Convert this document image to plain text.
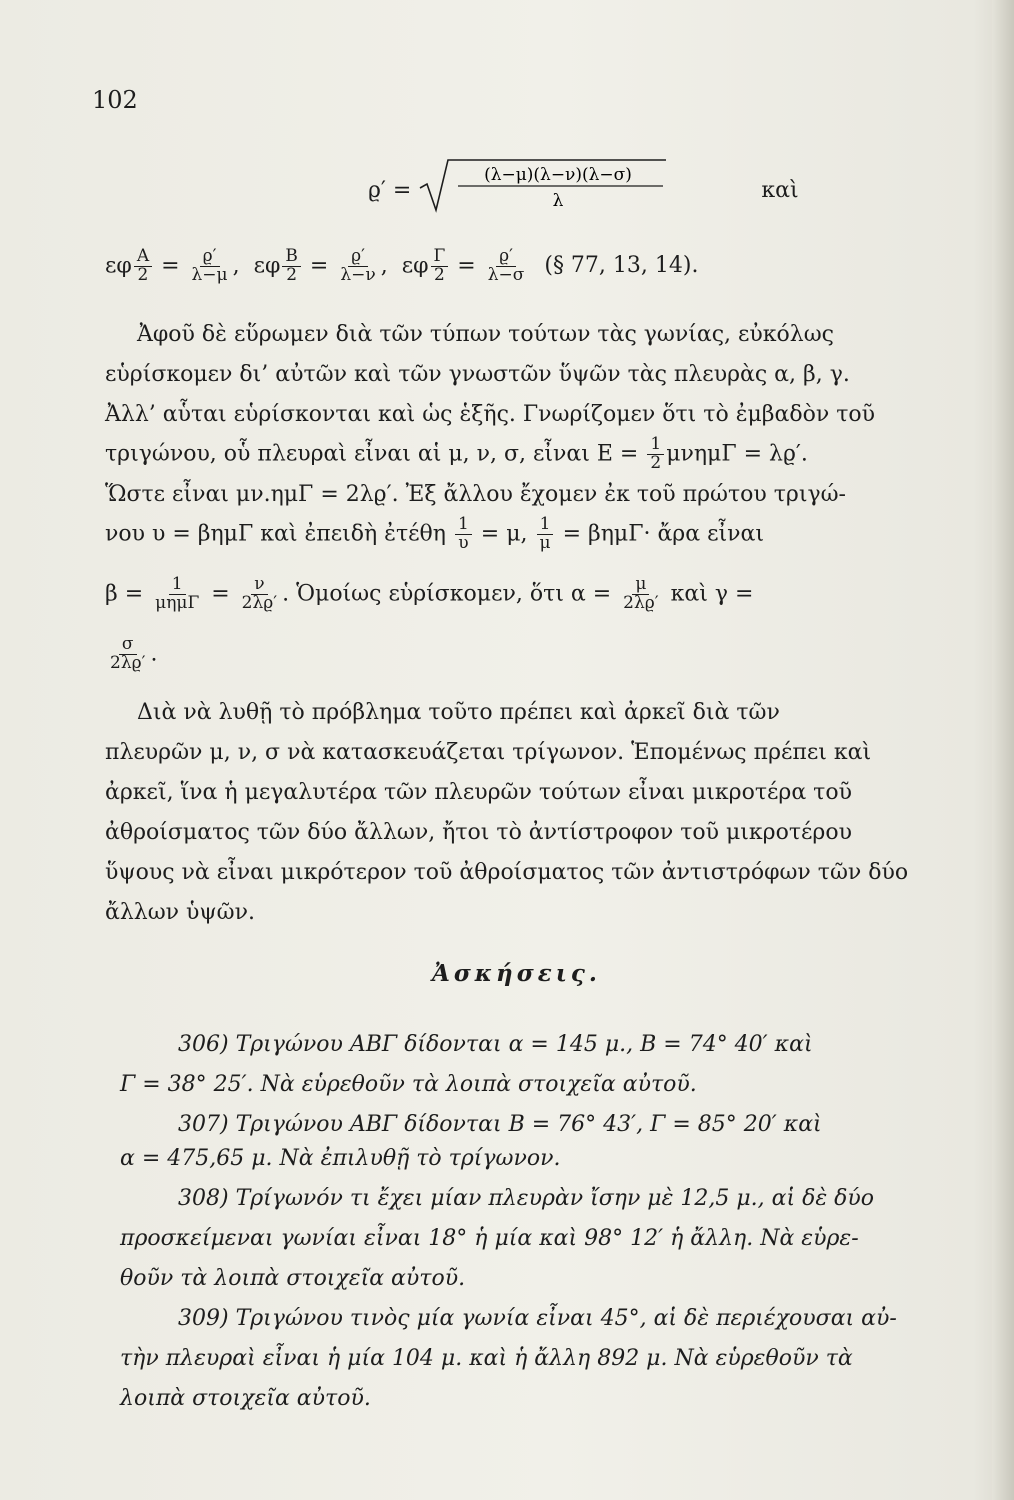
102
ϱ′ =
(λ−μ)(λ−ν)(λ−σ)
λ	καὶ
εφ $\frac{A}{2} = \frac{ϱ'}{\lambda-\mu}$ ,  εφ $\frac{B}{2} = \frac{ϱ'}{\lambda-\nu}$ ,  εφ $\frac{\Gamma}{2} = \frac{ϱ'}{\lambda-\sigma}$ (§ 77, 13, 14).
Ἀφοῦ δὲ εὕρωμεν διὰ τῶν τύπων τούτων τὰς γωνίας, εὐκόλως
εὑρίσκομεν δι’ αὐτῶν καὶ τῶν γνωστῶν ὕψῶν τὰς πλευρὰς α, β, γ.
Ἀλλ’ αὗται εὑρίσκονται καὶ ὡς ἑξῆς. Γνωρίζομεν ὅτι τὸ ἐμβαδὸν τοῦ
τριγώνου, οὗ πλευραὶ εἶναι αἱ μ, ν, σ, εἶναι $E = \frac{1}{2}$ μνημΓ = λϱ′.
Ὥστε εἶναι μν.ημΓ = 2λϱ′. Ἐξ ἄλλου ἔχομεν ἐκ τοῦ πρώτου τριγώ-
νου υ = βημΓ καὶ ἐπειδὴ ἐτέθη $\frac{1}{\upsilon} = \mu$, $\frac{1}{\mu} = \beta\eta\mu\Gamma\cdot$ ἄρα εἶναι
$\beta = \frac{1}{\text{μημΓ}} = \frac{\nu}{2\lambda ϱ'}$ . Ὁμοίως εὑρίσκομεν, ὅτι $\alpha = \frac{\mu}{2\lambda ϱ'}$ καὶ γ =
$\frac{\sigma}{2\lambda ϱ'}$ .
Διὰ νὰ λυθῇ τὸ πρόβλημα τοῦτο πρέπει καὶ ἀρκεῖ διὰ τῶν
πλευρῶν μ, ν, σ νὰ κατασκευάζεται τρίγωνον. Ἑπομένως πρέπει καὶ
ἀρκεῖ, ἵνα ἡ μεγαλυτέρα τῶν πλευρῶν τούτων εἶναι μικροτέρα τοῦ
ἀθροίσματος τῶν δύο ἄλλων, ἤτοι τὸ ἀντίστροφον τοῦ μικροτέρου
ὕψους νὰ εἶναι μικρότερον τοῦ ἀθροίσματος τῶν ἀντιστρόφων τῶν δύο
ἄλλων ὑψῶν.
Ἀσκήσεις.
306) Τριγώνου ΑΒΓ δίδονται α = 145 μ., Β = 74° 40′ καὶ
Γ = 38° 25′. Νὰ εὑρεθοῦν τὰ λοιπὰ στοιχεῖα αὐτοῦ.
307) Τριγώνου ΑΒΓ δίδονται Β = 76° 43′, Γ = 85° 20′ καὶ
α = 475,65 μ. Νὰ ἐπιλυθῇ τὸ τρίγωνον.
308) Τρίγωνόν τι ἔχει μίαν πλευρὰν ἴσην μὲ 12,5 μ., αἱ δὲ δύο
προσκείμεναι γωνίαι εἶναι 18° ἡ μία καὶ 98° 12′ ἡ ἄλλη. Νὰ εὑρε-
θοῦν τὰ λοιπὰ στοιχεῖα αὐτοῦ.
309) Τριγώνου τινὸς μία γωνία εἶναι 45°, αἱ δὲ περιέχουσαι αὐ-
τὴν πλευραὶ εἶναι ἡ μία 104 μ. καὶ ἡ ἄλλη 892 μ. Νὰ εὑρεθοῦν τὰ
λοιπὰ στοιχεῖα αὐτοῦ.
